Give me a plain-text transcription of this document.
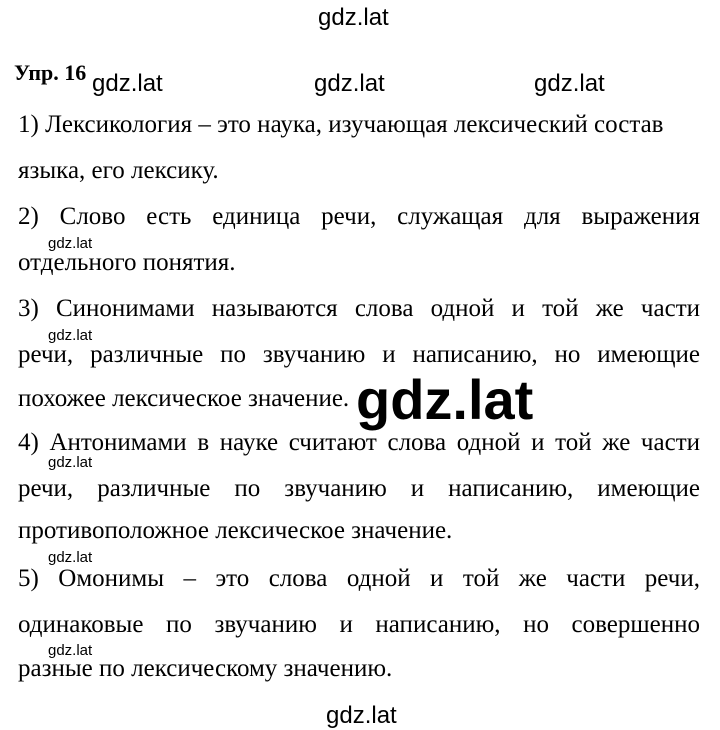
gdz.lat
Упр. 16 gdz.lat	gdz.lat	gdz.lat
1) Лексикология – это наука, изучающая лексический состав
языка, его лексику.
2) Слово есть единица речи, служащая для выражения
gdz.lat
отдельного понятия.
3) Синонимами называются слова одной и той же части
gdz.lat
речи, различные по звучанию и написанию, но имеющие
похожее лексическое значение. gdz.lat
4) Антонимами в науке считают слова одной и той же части
gdz.lat
речи, различные по звучанию и написанию, имеющие
противоположное лексическое значение.
gdz.lat
5) Омонимы – это слова одной и той же части речи,
одинаковые по звучанию и написанию, но совершенно
gdz.lat
разные по лексическому значению.
gdz.lat
